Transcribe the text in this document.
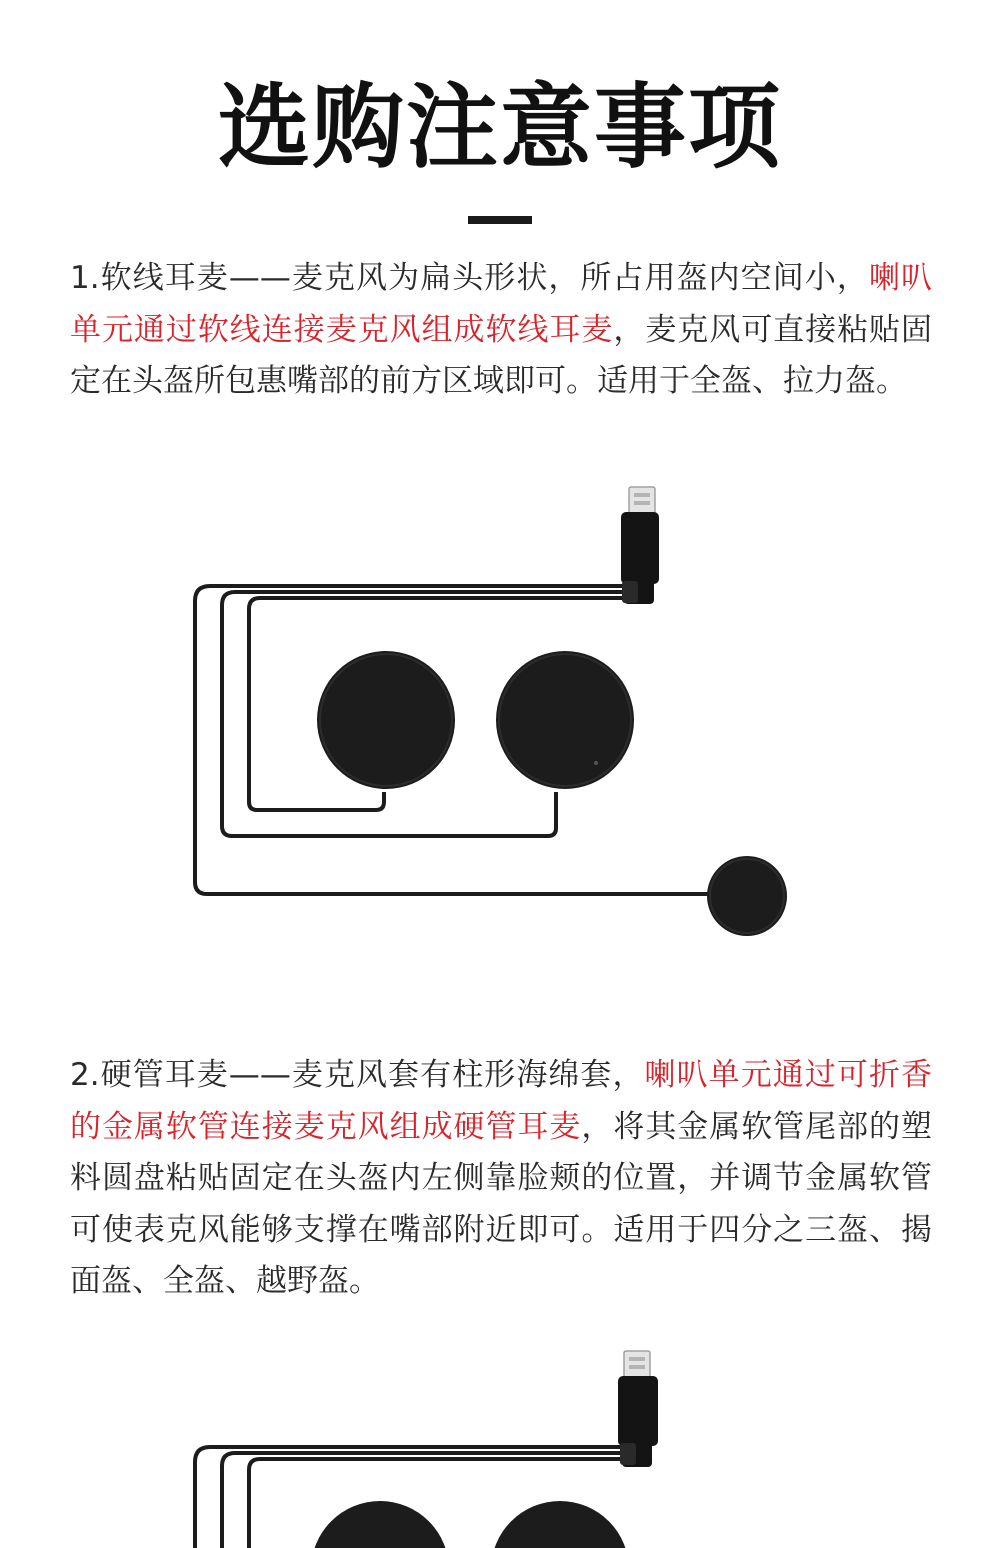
选购注意事项
1.软线耳麦——麦克风为扁头形状，所占用盔内空间小，喇叭单元通过软线连接麦克风组成软线耳麦，麦克风可直接粘贴固定在头盔所包惠嘴部的前方区域即可。适用于全盔、拉力盔。
2.硬管耳麦——麦克风套有柱形海绵套，喇叭单元通过可折香的金属软管连接麦克风组成硬管耳麦，将其金属软管尾部的塑料圆盘粘贴固定在头盔内左侧靠脸颊的位置，并调节金属软管可使表克风能够支撑在嘴部附近即可。适用于四分之三盔、揭面盔、全盔、越野盔。
